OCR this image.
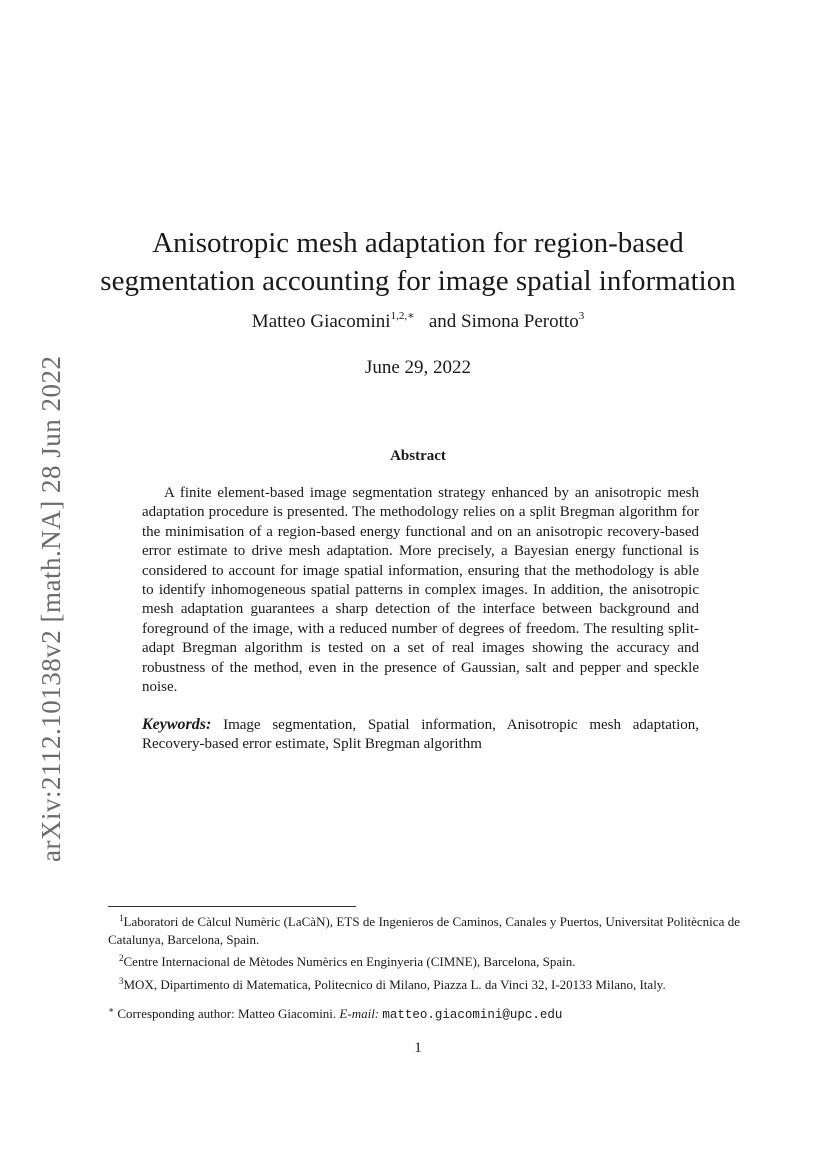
arXiv:2112.10138v2 [math.NA] 28 Jun 2022
Anisotropic mesh adaptation for region-based
segmentation accounting for image spatial information
Matteo Giacomini$^{1,2,∗}$ and Simona Perotto$^3$
June 29, 2022
Abstract

A finite element-based image segmentation strategy enhanced by an anisotropic mesh adaptation procedure is presented. The methodology relies on a split Bregman algorithm for the minimisation of a region-based energy functional and on an anisotropic recovery-based error estimate to drive mesh adaptation. More precisely, a Bayesian energy functional is considered to account for image spatial information, ensuring that the methodology is able to identify inhomogeneous spatial patterns in complex images. In addition, the anisotropic mesh adaptation guarantees a sharp detection of the interface between background and foreground of the image, with a reduced number of degrees of freedom. The resulting split-adapt Bregman algorithm is tested on a set of real images showing the accuracy and robustness of the method, even in the presence of Gaussian, salt and pepper and speckle noise.

Keywords: Image segmentation, Spatial information, Anisotropic mesh adaptation, Recovery-based error estimate, Split Bregman algorithm

$^1$Laboratori de Càlcul Numèric (LaCàN), ETS de Ingenieros de Caminos, Canales y Puertos, Universitat Politècnica de Catalunya, Barcelona, Spain.
$^2$Centre Internacional de Mètodes Numèrics en Enginyeria (CIMNE), Barcelona, Spain.
$^3$MOX, Dipartimento di Matematica, Politecnico di Milano, Piazza L. da Vinci 32, I-20133 Milano, Italy.
∗ Corresponding author: Matteo Giacomini. E-mail: matteo.giacomini@upc.edu
1
